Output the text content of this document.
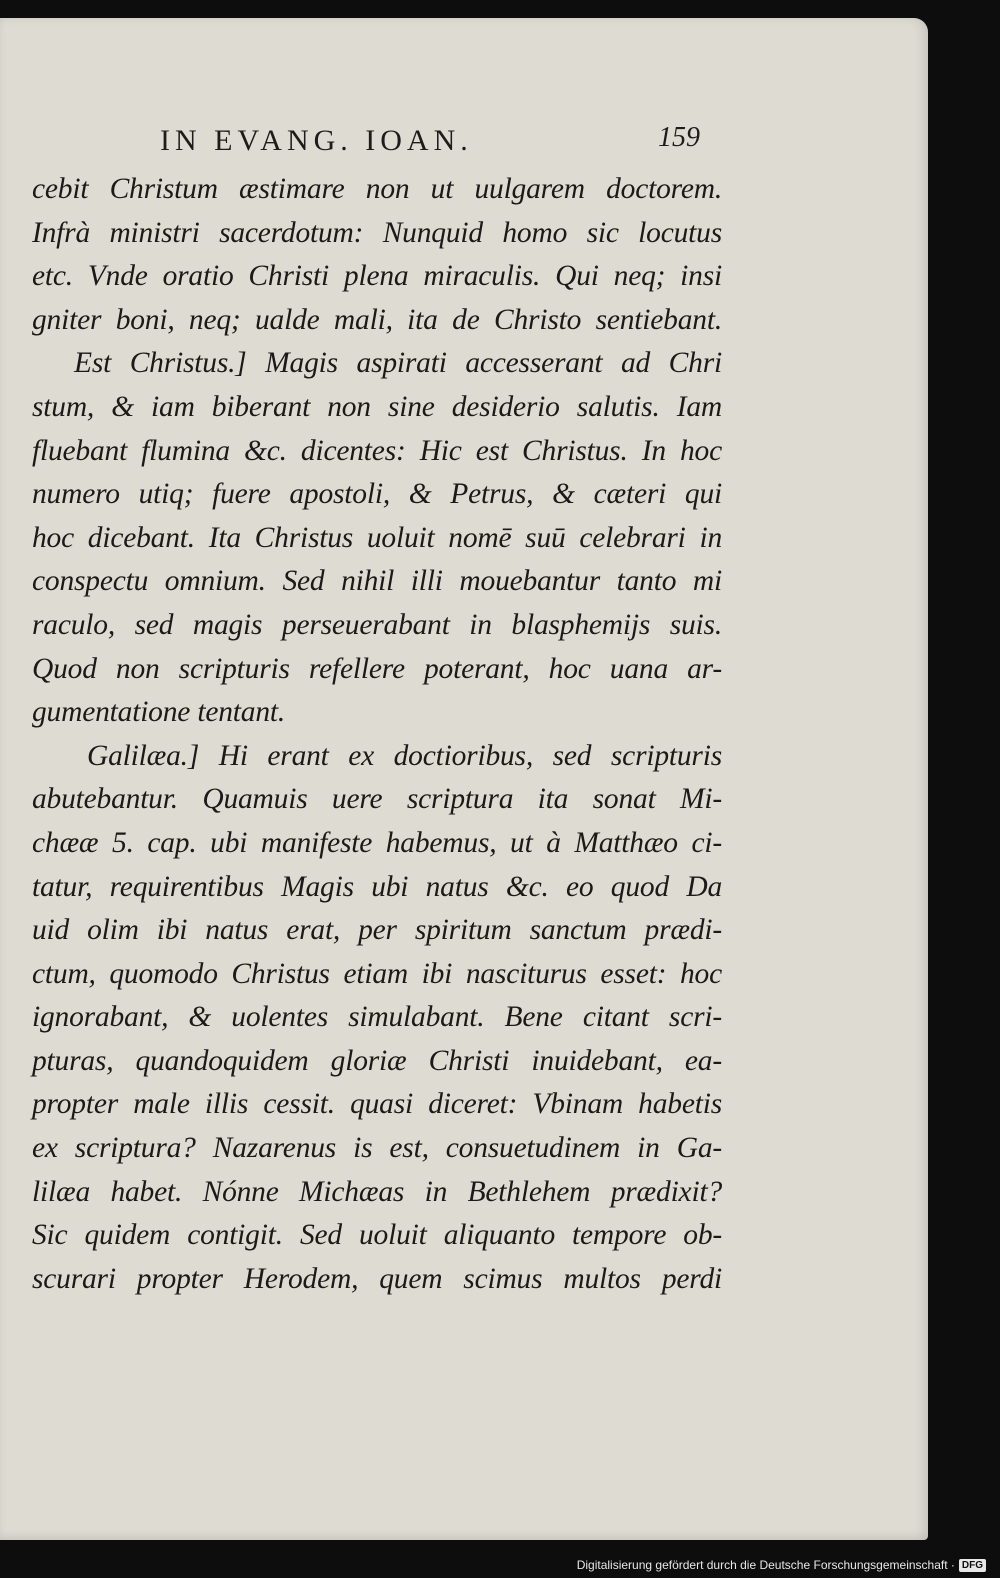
IN EVANG. IOAN.	159
cebit Christum æstimare non ut uulgarem doctorem.
Infrà ministri sacerdotum: Nunquid homo sic locutus
etc. Vnde oratio Christi plena miraculis. Qui neq; insi
gniter boni, neq; ualde mali, ita de Christo sentiebant.
Est Christus.] Magis aspirati accesserant ad Chri
stum, & iam biberant non sine desiderio salutis. Iam
fluebant flumina &c. dicentes: Hic est Christus. In hoc
numero utiq; fuere apostoli, & Petrus, & cæteri qui
hoc dicebant. Ita Christus uoluit nomē suū celebrari in
conspectu omnium. Sed nihil illi mouebantur tanto mi
raculo, sed magis perseuerabant in blasphemijs suis.
Quod non scripturis refellere poterant, hoc uana ar-
gumentatione tentant.
Galilæa.] Hi erant ex doctioribus, sed scripturis
abutebantur. Quamuis uere scriptura ita sonat Mi-
chææ 5. cap. ubi manifeste habemus, ut à Matthæo ci-
tatur, requirentibus Magis ubi natus &c. eo quod Da
uid olim ibi natus erat, per spiritum sanctum prædi-
ctum, quomodo Christus etiam ibi nasciturus esset: hoc
ignorabant, & uolentes simulabant. Bene citant scri-
pturas, quandoquidem gloriæ Christi inuidebant, ea-
propter male illis cessit. quasi diceret: Vbinam habetis
ex scriptura? Nazarenus is est, consuetudinem in Ga-
lilæa habet. Nónne Michæas in Bethlehem prædixit?
Sic quidem contigit. Sed uoluit aliquanto tempore ob-
scurari propter Herodem, quem scimus multos perdi
Digitalisierung gefördert durch die Deutsche Forschungsgemeinschaft · DFG
